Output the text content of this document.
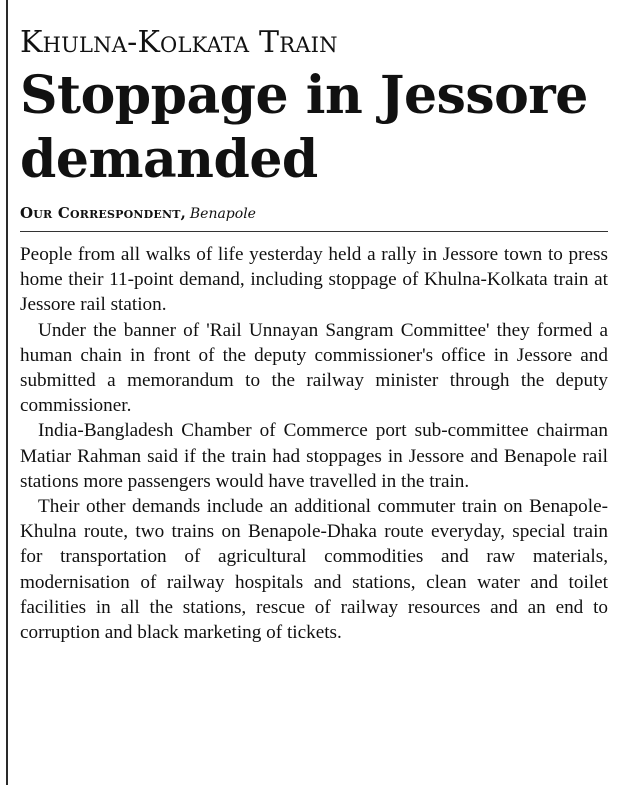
Khulna-Kolkata Train
Stoppage in Jessore
demanded
Our Correspondent, Benapole

People from all walks of life yesterday held a rally in Jessore town to press home their 11-point demand, including stoppage of Khulna-Kolkata train at Jessore rail station.

Under the banner of 'Rail Unnayan Sangram Committee' they formed a human chain in front of the deputy commissioner's office in Jessore and submitted a memorandum to the railway minister through the deputy commissioner.

India-Bangladesh Chamber of Commerce port sub-committee chairman Matiar Rahman said if the train had stoppages in Jessore and Benapole rail stations more passengers would have travelled in the train.

Their other demands include an additional commuter train on Benapole-Khulna route, two trains on Benapole-Dhaka route everyday, special train for transportation of agricultural commodities and raw materials, modernisation of railway hospitals and stations, clean water and toilet facilities in all the stations, rescue of railway resources and an end to corruption and black marketing of tickets.
